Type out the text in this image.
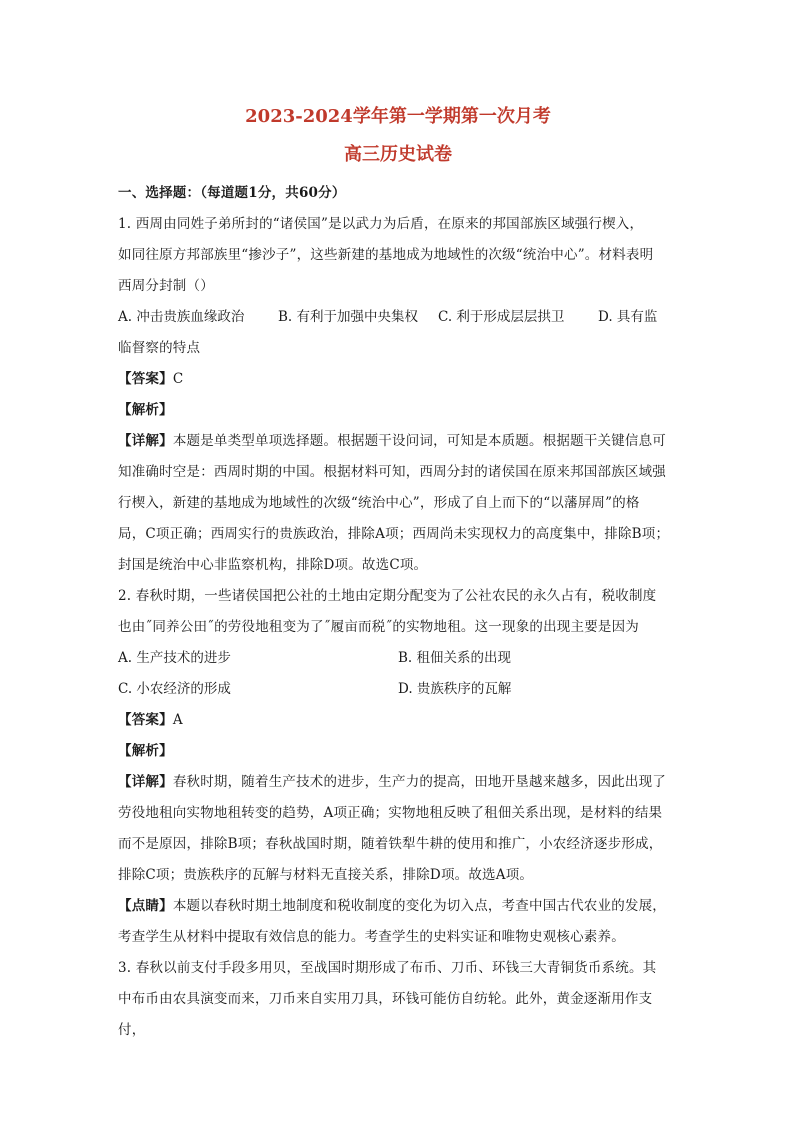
2023-2024学年第一学期第一次月考

高三历史试卷

一、选择题：（每道题1分，共60分）

1. 西周由同姓子弟所封的“诸侯国”是以武力为后盾，在原来的邦国部族区域强行楔入，

如同往原方邦部族里“掺沙子”，这些新建的基地成为地域性的次级“统治中心”。材料表明

西周分封制（）

A. 冲击贵族血缘政治	B. 有利于加强中央集权	C. 利于形成层层拱卫	D. 具有监

临督察的特点

【答案】C

【解析】

【详解】本题是单类型单项选择题。根据题干设问词，可知是本质题。根据题干关键信息可

知准确时空是：西周时期的中国。根据材料可知，西周分封的诸侯国在原来邦国部族区域强

行楔入，新建的基地成为地域性的次级“统治中心”，形成了自上而下的“以藩屏周”的格

局，C项正确；西周实行的贵族政治，排除A项；西周尚未实现权力的高度集中，排除B项；

封国是统治中心非监察机构，排除D项。故选C项。

2. 春秋时期，一些诸侯国把公社的土地由定期分配变为了公社农民的永久占有，税收制度

也由˝同养公田˝的劳役地租变为了˝履亩而税˝的实物地租。这一现象的出现主要是因为

A. 生产技术的进步	B. 租佃关系的出现
C. 小农经济的形成	D. 贵族秩序的瓦解

【答案】A

【解析】

【详解】春秋时期，随着生产技术的进步，生产力的提高，田地开垦越来越多，因此出现了

劳役地租向实物地租转变的趋势，A项正确；实物地租反映了租佃关系出现，是材料的结果

而不是原因，排除B项；春秋战国时期，随着铁犁牛耕的使用和推广，小农经济逐步形成，

排除C项；贵族秩序的瓦解与材料无直接关系，排除D项。故选A项。

【点睛】本题以春秋时期土地制度和税收制度的变化为切入点，考查中国古代农业的发展，

考查学生从材料中提取有效信息的能力。考查学生的史料实证和唯物史观核心素养。

3. 春秋以前支付手段多用贝，至战国时期形成了布币、刀币、环钱三大青铜货币系统。其

中布币由农具演变而来，刀币来自实用刀具，环钱可能仿自纺轮。此外，黄金逐渐用作支付，
